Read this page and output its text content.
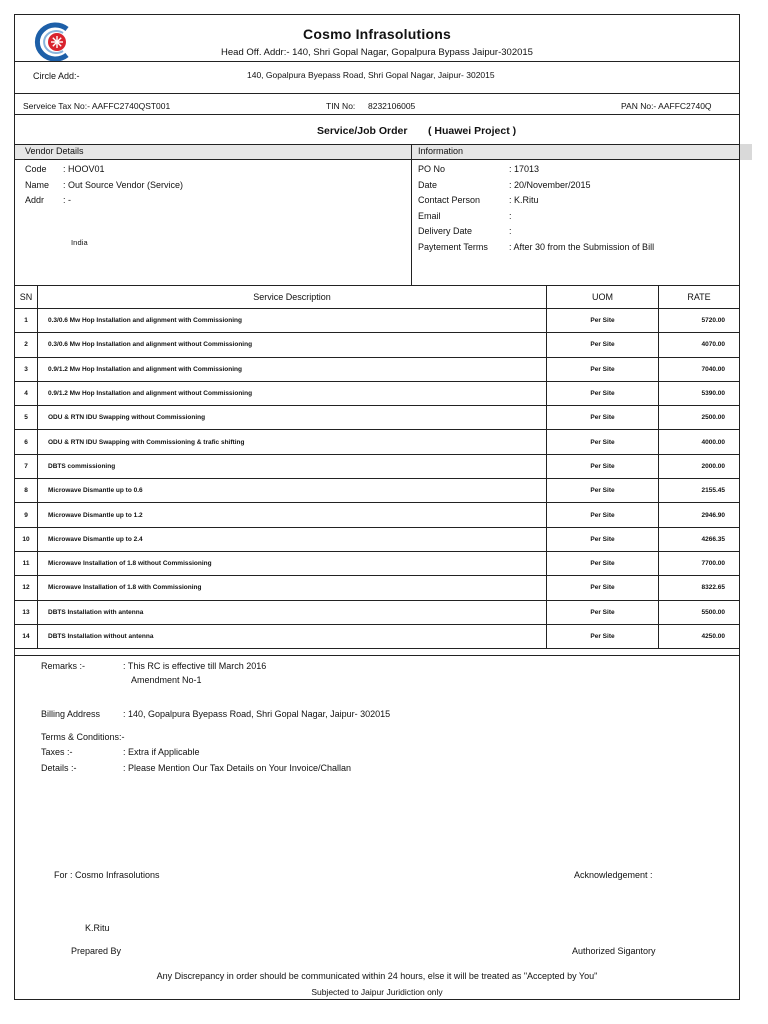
Cosmo Infrasolutions
Head Off. Addr:- 140, Shri Gopal Nagar, Gopalpura Bypass Jaipur-302015
Circle Add:-	140, Gopalpura Byepass Road, Shri Gopal Nagar, Jaipur- 302015
Serveice Tax No:- AAFFC2740QST001	TIN No: 8232106005	PAN No:- AAFFC2740Q
Service/Job Order ( Huawei Project )
Vendor Details	Information
Code : HOOV01
Name : Out Source Vendor (Service)
Addr : -
India
PO No	: 17013
Date	: 20/November/2015
Contact Person	: K.Ritu
Email	:
Delivery Date	:
Paytement Terms : After 30 from the Submission of Bill
SN	Service Description	UOM	RATE
1	0.3/0.6 Mw Hop Installation and alignment with Commissioning	Per Site	5720.00
2	0.3/0.6 Mw Hop Installation and alignment without Commissioning	Per Site	4070.00
3	0.9/1.2 Mw Hop Installation and alignment with Commissioning	Per Site	7040.00
4	0.9/1.2 Mw Hop Installation and alignment without Commissioning	Per Site	5390.00
5	ODU & RTN IDU Swapping without Commissioning	Per Site	2500.00
6	ODU & RTN IDU Swapping with Commissioning & trafic shifting	Per Site	4000.00
7	DBTS commissioning	Per Site	2000.00
8	Microwave Dismantle up to 0.6	Per Site	2155.45
9	Microwave Dismantle up to 1.2	Per Site	2946.90
10	Microwave Dismantle up to 2.4	Per Site	4266.35
11	Microwave Installation of 1.8 without Commissioning	Per Site	7700.00
12	Microwave Installation of 1.8 with Commissioning	Per Site	8322.65
13	DBTS Installation with antenna	Per Site	5500.00
14	DBTS Installation without antenna	Per Site	4250.00
Remarks :-	: This RC is effective till March 2016
Amendment No-1
Billing Address	: 140, Gopalpura Byepass Road, Shri Gopal Nagar, Jaipur- 302015
Terms & Conditions:-
Taxes :-	: Extra if Applicable
Details :-	: Please Mention Our Tax Details on Your Invoice/Challan
For : Cosmo Infrasolutions	Acknowledgement :
K.Ritu
Prepared By	Authorized Sigantory
Any Discrepancy in order should be communicated within 24 hours, else it will be treated as "Accepted by You"
Subjected to Jaipur Juridiction only
